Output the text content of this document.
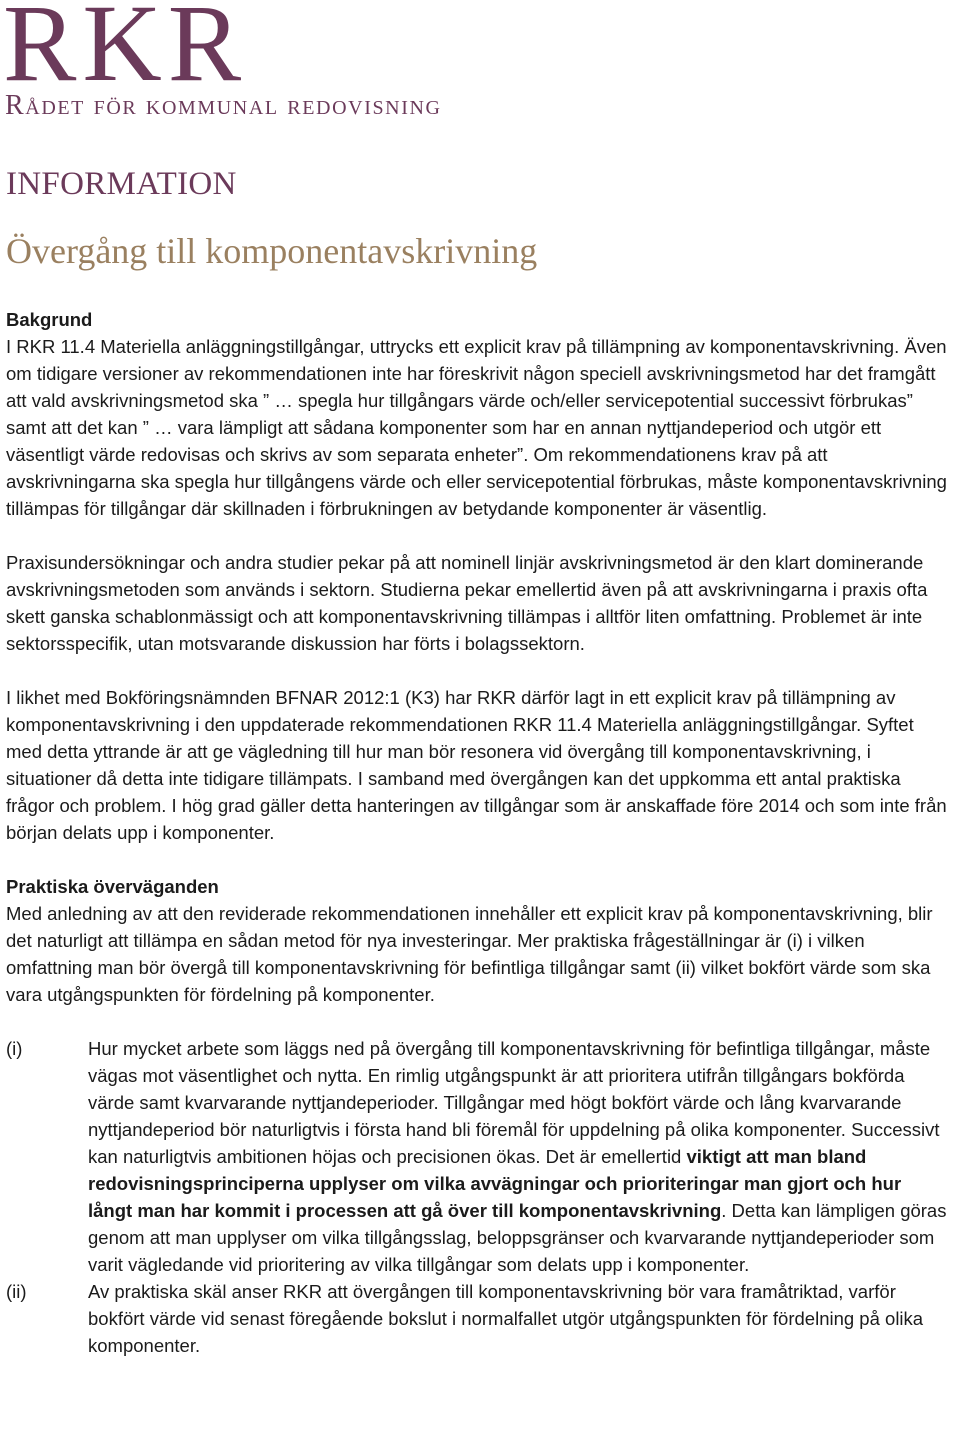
RKR
Rådet för kommunal redovisning
INFORMATION
Övergång till komponentavskrivning
Bakgrund

I RKR 11.4 Materiella anläggningstillgångar, uttrycks ett explicit krav på tillämpning av komponentavskrivning. Även om tidigare versioner av rekommendationen inte har föreskrivit någon speciell avskrivningsmetod har det framgått att vald avskrivningsmetod ska ” … spegla hur tillgångars värde och/eller servicepotential successivt förbrukas” samt att det kan ” … vara lämpligt att sådana komponenter som har en annan nyttjandeperiod och utgör ett väsentligt värde redovisas och skrivs av som separata enheter”. Om rekommendationens krav på att avskrivningarna ska spegla hur tillgångens värde och eller servicepotential förbrukas, måste komponentavskrivning tillämpas för tillgångar där skillnaden i förbrukningen av betydande komponenter är väsentlig.

Praxisundersökningar och andra studier pekar på att nominell linjär avskrivningsmetod är den klart dominerande avskrivningsmetoden som används i sektorn. Studierna pekar emellertid även på att avskrivningarna i praxis ofta skett ganska schablonmässigt och att komponentavskrivning tillämpas i alltför liten omfattning. Problemet är inte sektorsspecifik, utan motsvarande diskussion har förts i bolagssektorn.

I likhet med Bokföringsnämnden BFNAR 2012:1 (K3) har RKR därför lagt in ett explicit krav på tillämpning av komponentavskrivning i den uppdaterade rekommendationen RKR 11.4 Materiella anläggningstillgångar. Syftet med detta yttrande är att ge vägledning till hur man bör resonera vid övergång till komponentavskrivning, i situationer då detta inte tidigare tillämpats. I samband med övergången kan det uppkomma ett antal praktiska frågor och problem. I hög grad gäller detta hanteringen av tillgångar som är anskaffade före 2014 och som inte från början delats upp i komponenter.

Praktiska överväganden

Med anledning av att den reviderade rekommendationen innehåller ett explicit krav på komponentavskrivning, blir det naturligt att tillämpa en sådan metod för nya investeringar. Mer praktiska frågeställningar är (i) i vilken omfattning man bör övergå till komponentavskrivning för befintliga tillgångar samt (ii) vilket bokfört värde som ska vara utgångspunkten för fördelning på komponenter.

(i)	Hur mycket arbete som läggs ned på övergång till komponentavskrivning för befintliga tillgångar, måste vägas mot väsentlighet och nytta. En rimlig utgångspunkt är att prioritera utifrån tillgångars bokförda värde samt kvarvarande nyttjandeperioder. Tillgångar med högt bokfört värde och lång kvarvarande nyttjandeperiod bör naturligtvis i första hand bli föremål för uppdelning på olika komponenter. Successivt kan naturligtvis ambitionen höjas och precisionen ökas. Det är emellertid viktigt att man bland redovisningsprinciperna upplyser om vilka avvägningar och prioriteringar man gjort och hur långt man har kommit i processen att gå över till komponentavskrivning. Detta kan lämpligen göras genom att man upplyser om vilka tillgångsslag, beloppsgränser och kvarvarande nyttjandeperioder som varit vägledande vid prioritering av vilka tillgångar som delats upp i komponenter.
(ii)	Av praktiska skäl anser RKR att övergången till komponentavskrivning bör vara framåtriktad, varför bokfört värde vid senast föregående bokslut i normalfallet utgör utgångspunkten för fördelning på olika komponenter.
